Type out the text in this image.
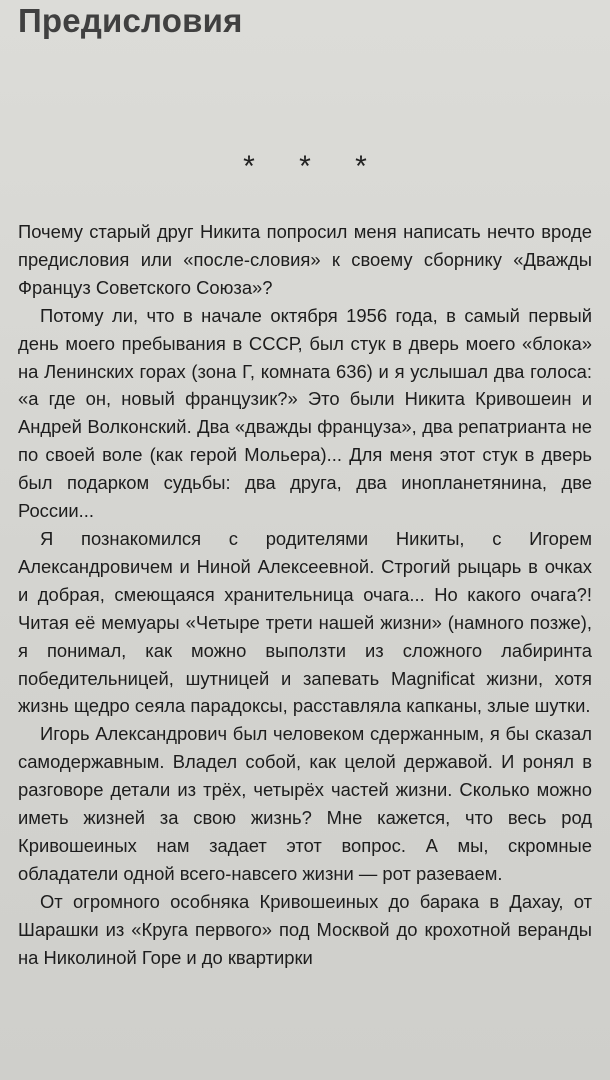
Предисловия
* * *

Почему старый друг Никита попросил меня написать нечто вроде предисловия или «после-словия» к своему сборнику «Дважды Француз Советского Союза»?

Потому ли, что в начале октября 1956 года, в самый первый день моего пребывания в СССР, был стук в дверь моего «блока» на Ленинских горах (зона Г, комната 636) и я услышал два голоса: «а где он, новый французик?» Это были Никита Кривошеин и Андрей Волконский. Два «дважды француза», два репатрианта не по своей воле (как герой Мольера)... Для меня этот стук в дверь был подарком судьбы: два друга, два инопланетянина, две России...

Я познакомился с родителями Никиты, с Игорем Александровичем и Ниной Алексеевной. Строгий рыцарь в очках и добрая, смеющаяся хранительница очага... Но какого очага?! Читая её мемуары «Четыре трети нашей жизни» (намного позже), я понимал, как можно выползти из сложного лабиринта победительницей, шутницей и запевать Magnificat жизни, хотя жизнь щедро сеяла парадоксы, расставляла капканы, злые шутки.

Игорь Александрович был человеком сдержанным, я бы сказал самодержавным. Владел собой, как целой державой. И ронял в разговоре детали из трёх, четырёх частей жизни. Сколько можно иметь жизней за свою жизнь? Мне кажется, что весь род Кривошеиных нам задает этот вопрос. А мы, скромные обладатели одной всего-навсего жизни — рот разеваем.

От огромного особняка Кривошеиных до барака в Дахау, от Шарашки из «Круга первого» под Москвой до крохотной веранды на Николиной Горе и до квартирки
